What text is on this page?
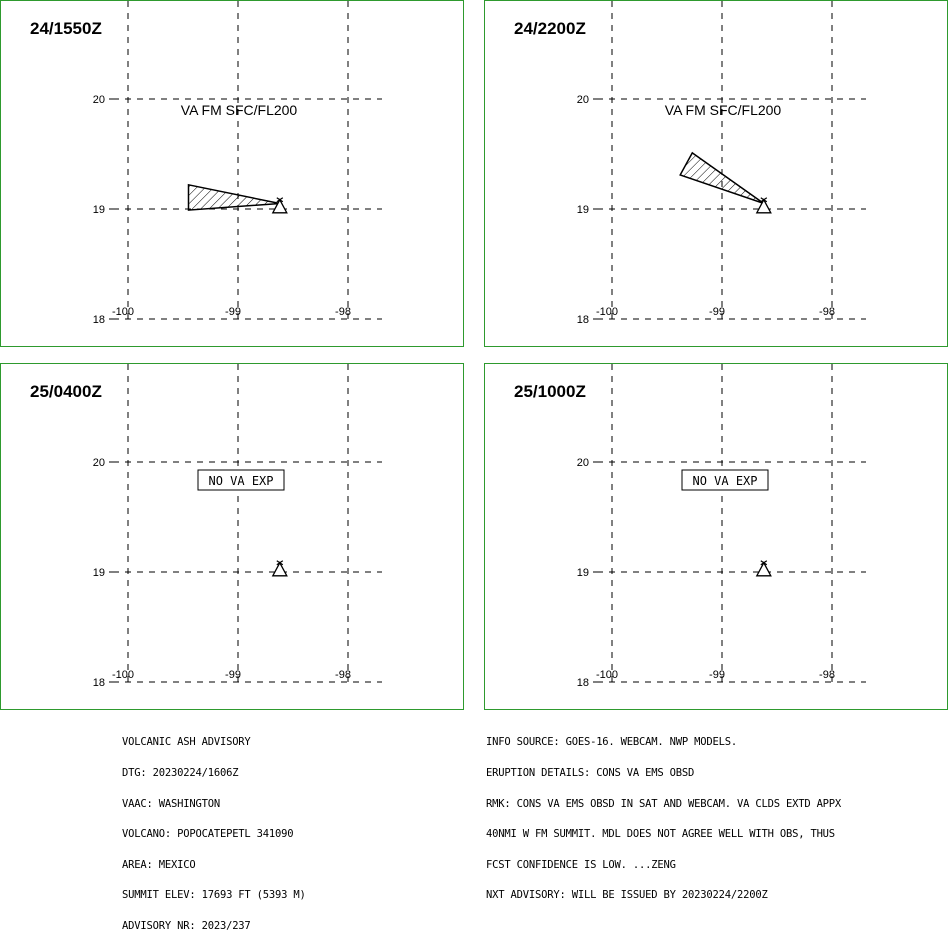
20
19
18
-100	-99	-98
VA FM SFC/FL200
24/1550Z
20
19
18
-100	-99	-98
VA FM SFC/FL200
24/2200Z
20
19
18
-100	-99	-98
NO VA EXP
25/0400Z
20
19
18
-100	-99	-98
NO VA EXP
25/1000Z

VOLCANIC ASH ADVISORY

DTG: 20230224/1606Z

VAAC: WASHINGTON

VOLCANO: POPOCATEPETL 341090

AREA: MEXICO

SUMMIT ELEV: 17693 FT (5393 M)

ADVISORY NR: 2023/237

INFO SOURCE: GOES-16. WEBCAM. NWP MODELS.

ERUPTION DETAILS: CONS VA EMS OBSD

RMK: CONS VA EMS OBSD IN SAT AND WEBCAM. VA CLDS EXTD APPX

40NMI W FM SUMMIT. MDL DOES NOT AGREE WELL WITH OBS, THUS

FCST CONFIDENCE IS LOW. ...ZENG

NXT ADVISORY: WILL BE ISSUED BY 20230224/2200Z
